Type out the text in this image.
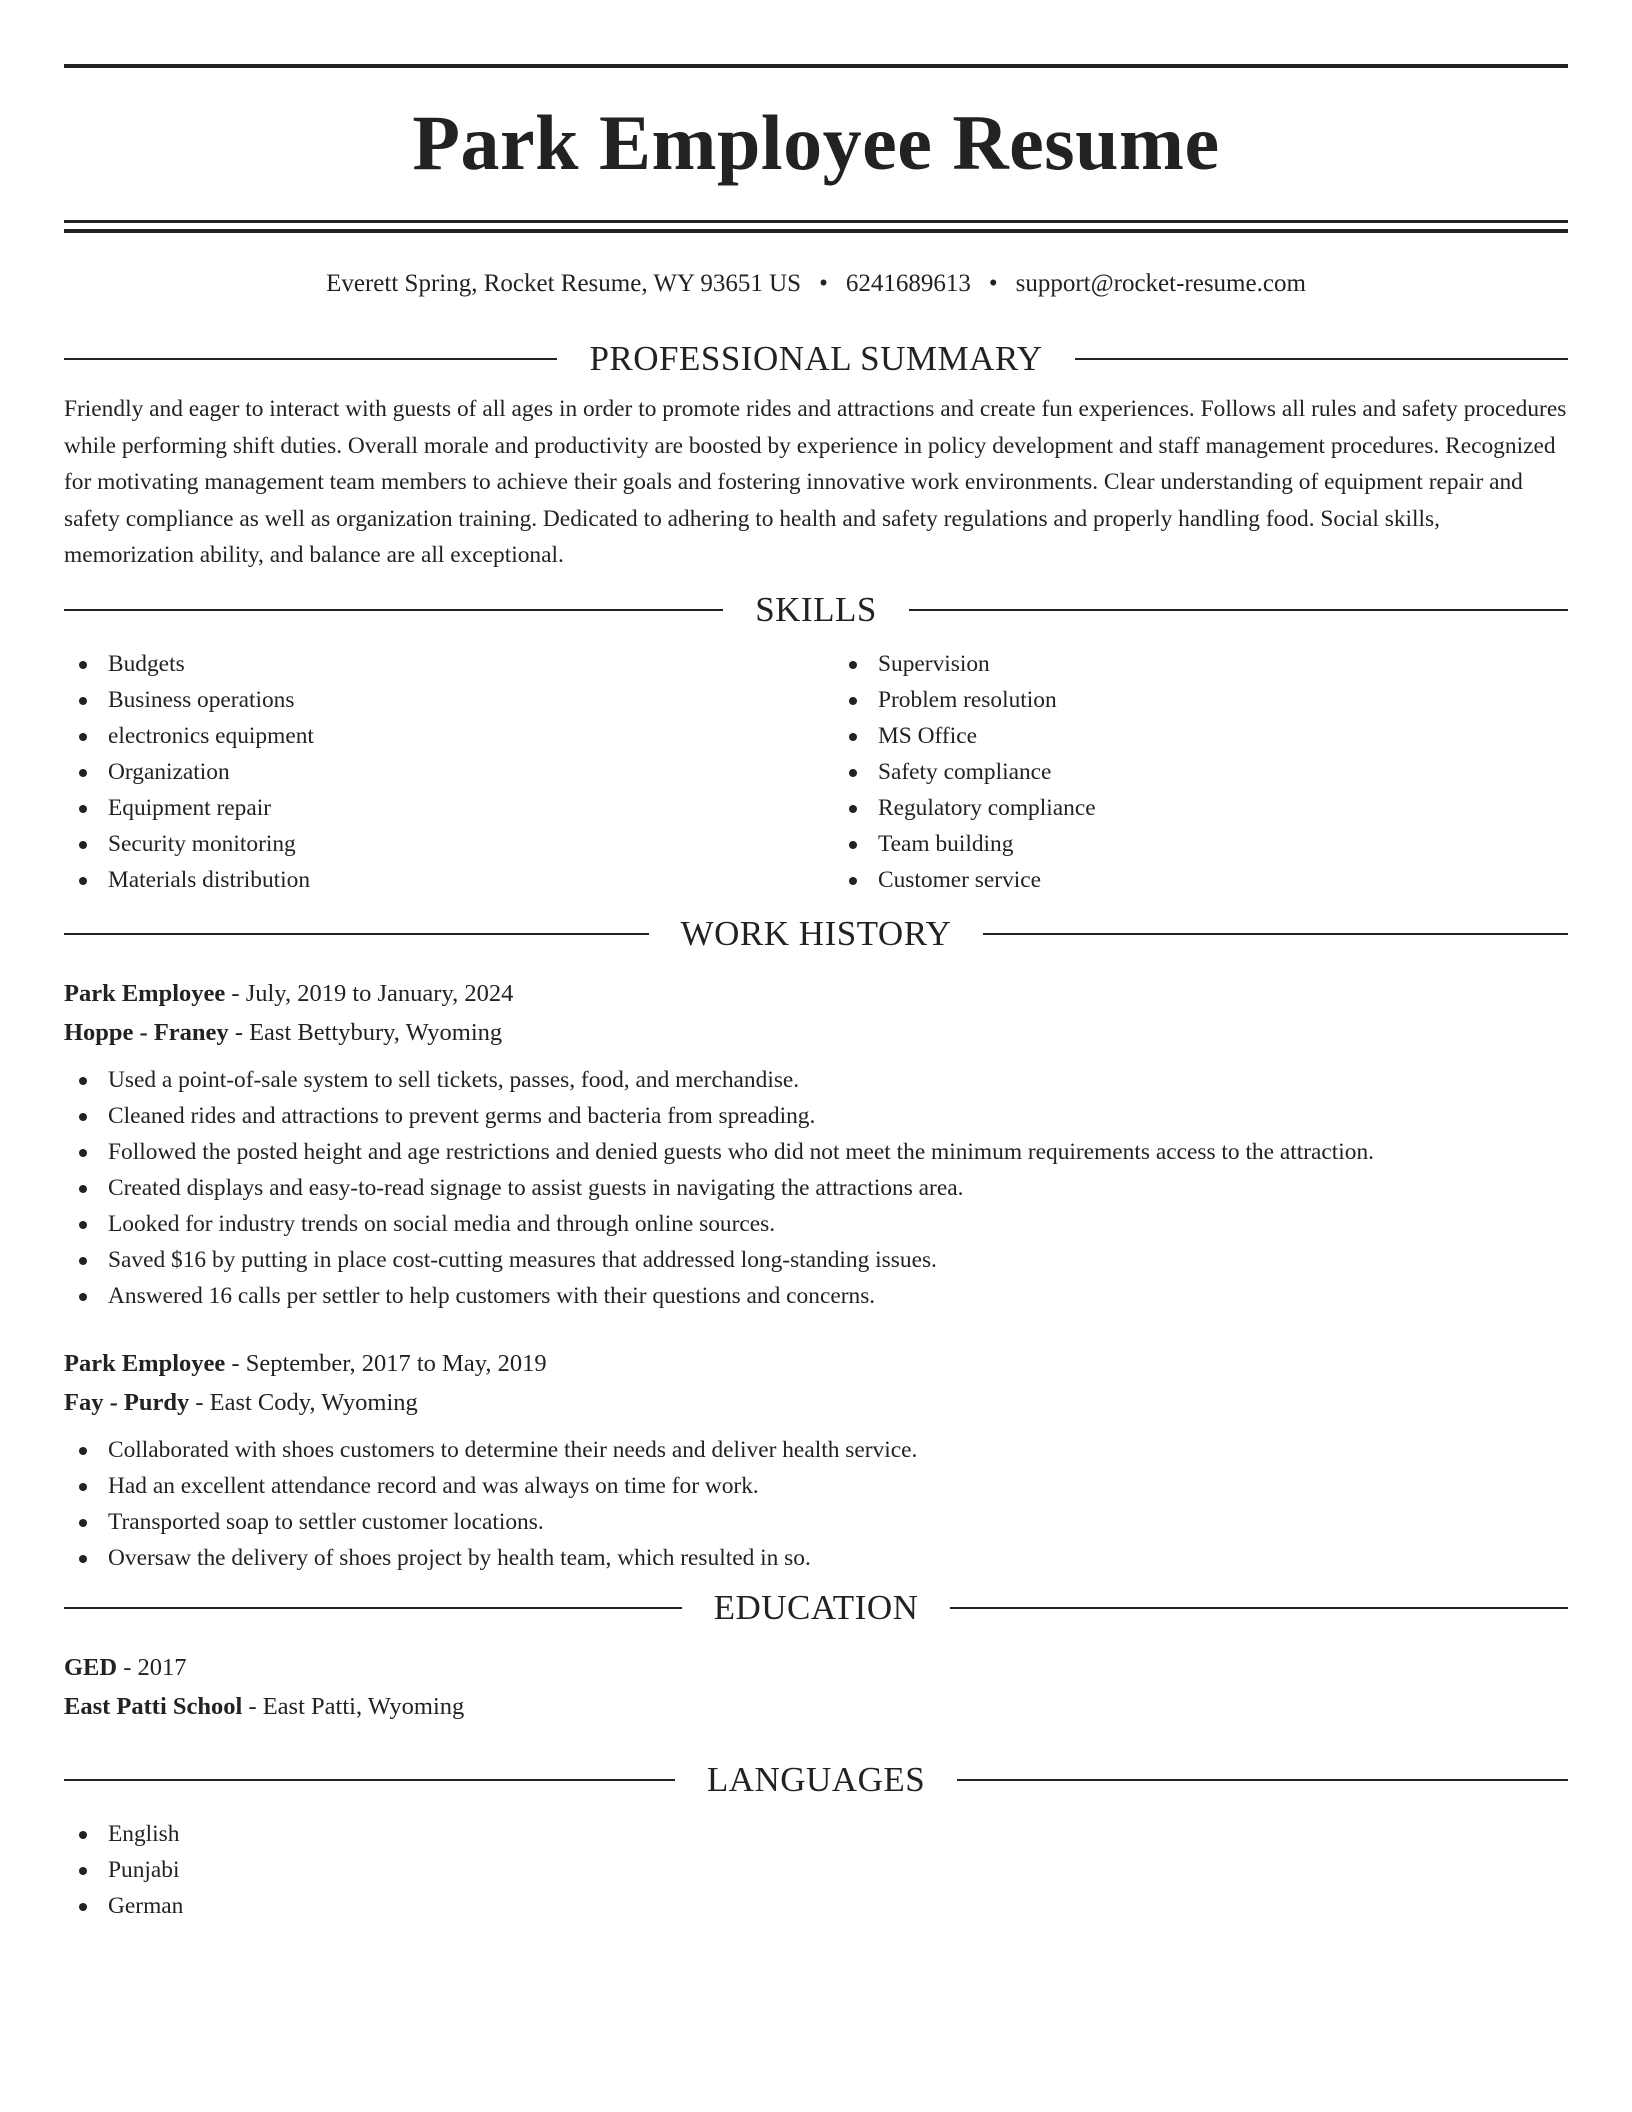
Park Employee Resume
Everett Spring, Rocket Resume, WY 93651 US • 6241689613 • support@rocket-resume.com
PROFESSIONAL SUMMARY

Friendly and eager to interact with guests of all ages in order to promote rides and attractions and create fun experiences. Follows all rules and safety procedures while performing shift duties. Overall morale and productivity are boosted by experience in policy development and staff management procedures. Recognized for motivating management team members to achieve their goals and fostering innovative work environments. Clear understanding of equipment repair and safety compliance as well as organization training. Dedicated to adhering to health and safety regulations and properly handling food. Social skills, memorization ability, and balance are all exceptional.

SKILLS
Budgets
Business operations
electronics equipment
Organization
Equipment repair
Security monitoring
Materials distribution
Supervision
Problem resolution
MS Office
Safety compliance
Regulatory compliance
Team building
Customer service
WORK HISTORY
Park Employee - July, 2019 to January, 2024
Hoppe - Franey - East Bettybury, Wyoming
Used a point-of-sale system to sell tickets, passes, food, and merchandise.
Cleaned rides and attractions to prevent germs and bacteria from spreading.
Followed the posted height and age restrictions and denied guests who did not meet the minimum requirements access to the attraction.
Created displays and easy-to-read signage to assist guests in navigating the attractions area.
Looked for industry trends on social media and through online sources.
Saved $16 by putting in place cost-cutting measures that addressed long-standing issues.
Answered 16 calls per settler to help customers with their questions and concerns.
Park Employee - September, 2017 to May, 2019
Fay - Purdy - East Cody, Wyoming
Collaborated with shoes customers to determine their needs and deliver health service.
Had an excellent attendance record and was always on time for work.
Transported soap to settler customer locations.
Oversaw the delivery of shoes project by health team, which resulted in so.
EDUCATION
GED - 2017
East Patti School - East Patti, Wyoming
LANGUAGES
English
Punjabi
German
